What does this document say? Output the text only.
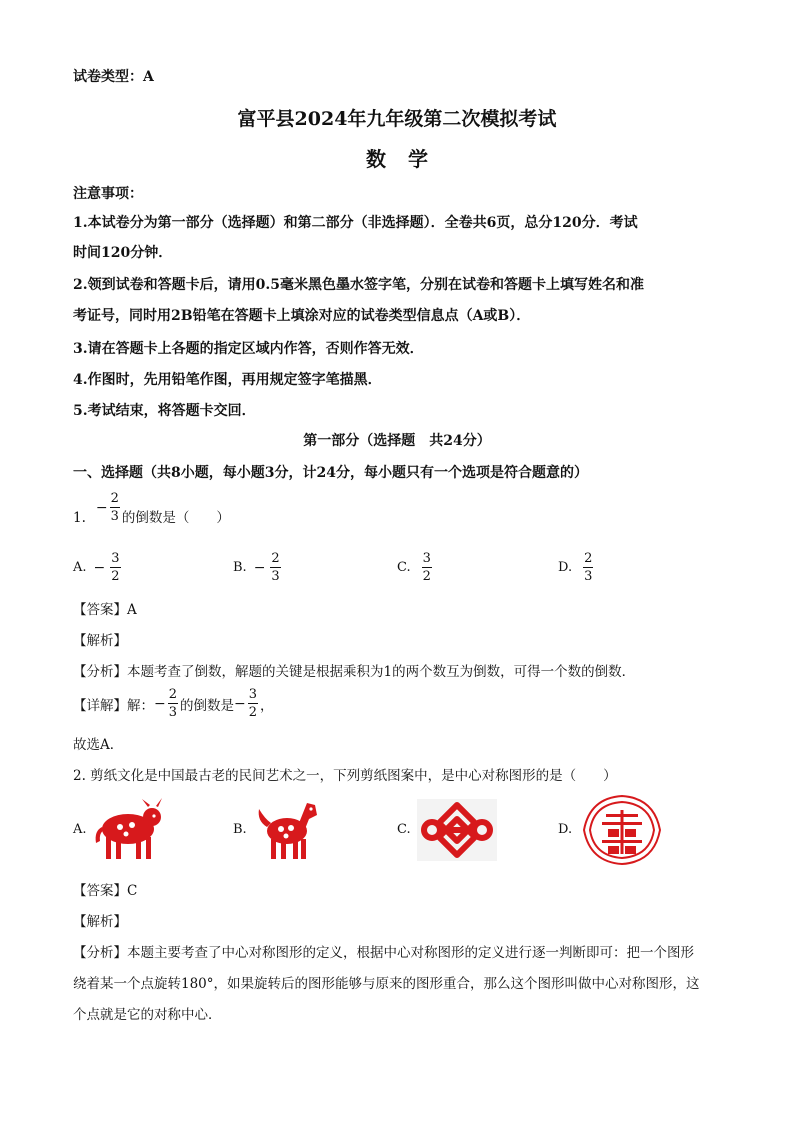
试卷类型：A
富平县2024年九年级第二次模拟考试
数学
注意事项：
1.本试卷分为第一部分（选择题）和第二部分（非选择题）．全卷共6页，总分120分．考试
时间120分钟．
2.领到试卷和答题卡后，请用0.5毫米黑色墨水签字笔，分别在试卷和答题卡上填写姓名和准
考证号，同时用2B铅笔在答题卡上填涂对应的试卷类型信息点（A或B）．
3.请在答题卡上各题的指定区域内作答，否则作答无效．
4.作图时，先用铅笔作图，再用规定签字笔描黑．
5.考试结束，将答题卡交回．
第一部分（选择题　共24分）
一、选择题（共8小题，每小题3分，计24分，每小题只有一个选项是符合题意的）
1.
− $\frac{2}{3}$ 的倒数是（　　）
A. − $\frac{3}{2}$	B. − $\frac{2}{3}$	C. $\frac{3}{2}$	D. $\frac{2}{3}$
【答案】A
【解析】
【分析】本题考查了倒数，解题的关键是根据乘积为1的两个数互为倒数，可得一个数的倒数．
【详解】解： − $\frac{2}{3}$ 的倒数是 − $\frac{3}{2}$ ，
故选A．
2. 剪纸文化是中国最古老的民间艺术之一，下列剪纸图案中，是中心对称图形的是（　　）
A.	B.	C.	D.
【答案】C
【解析】
【分析】本题主要考查了中心对称图形的定义，根据中心对称图形的定义进行逐一判断即可：把一个图形
绕着某一个点旋转180°，如果旋转后的图形能够与原来的图形重合，那么这个图形叫做中心对称图形，这
个点就是它的对称中心．
